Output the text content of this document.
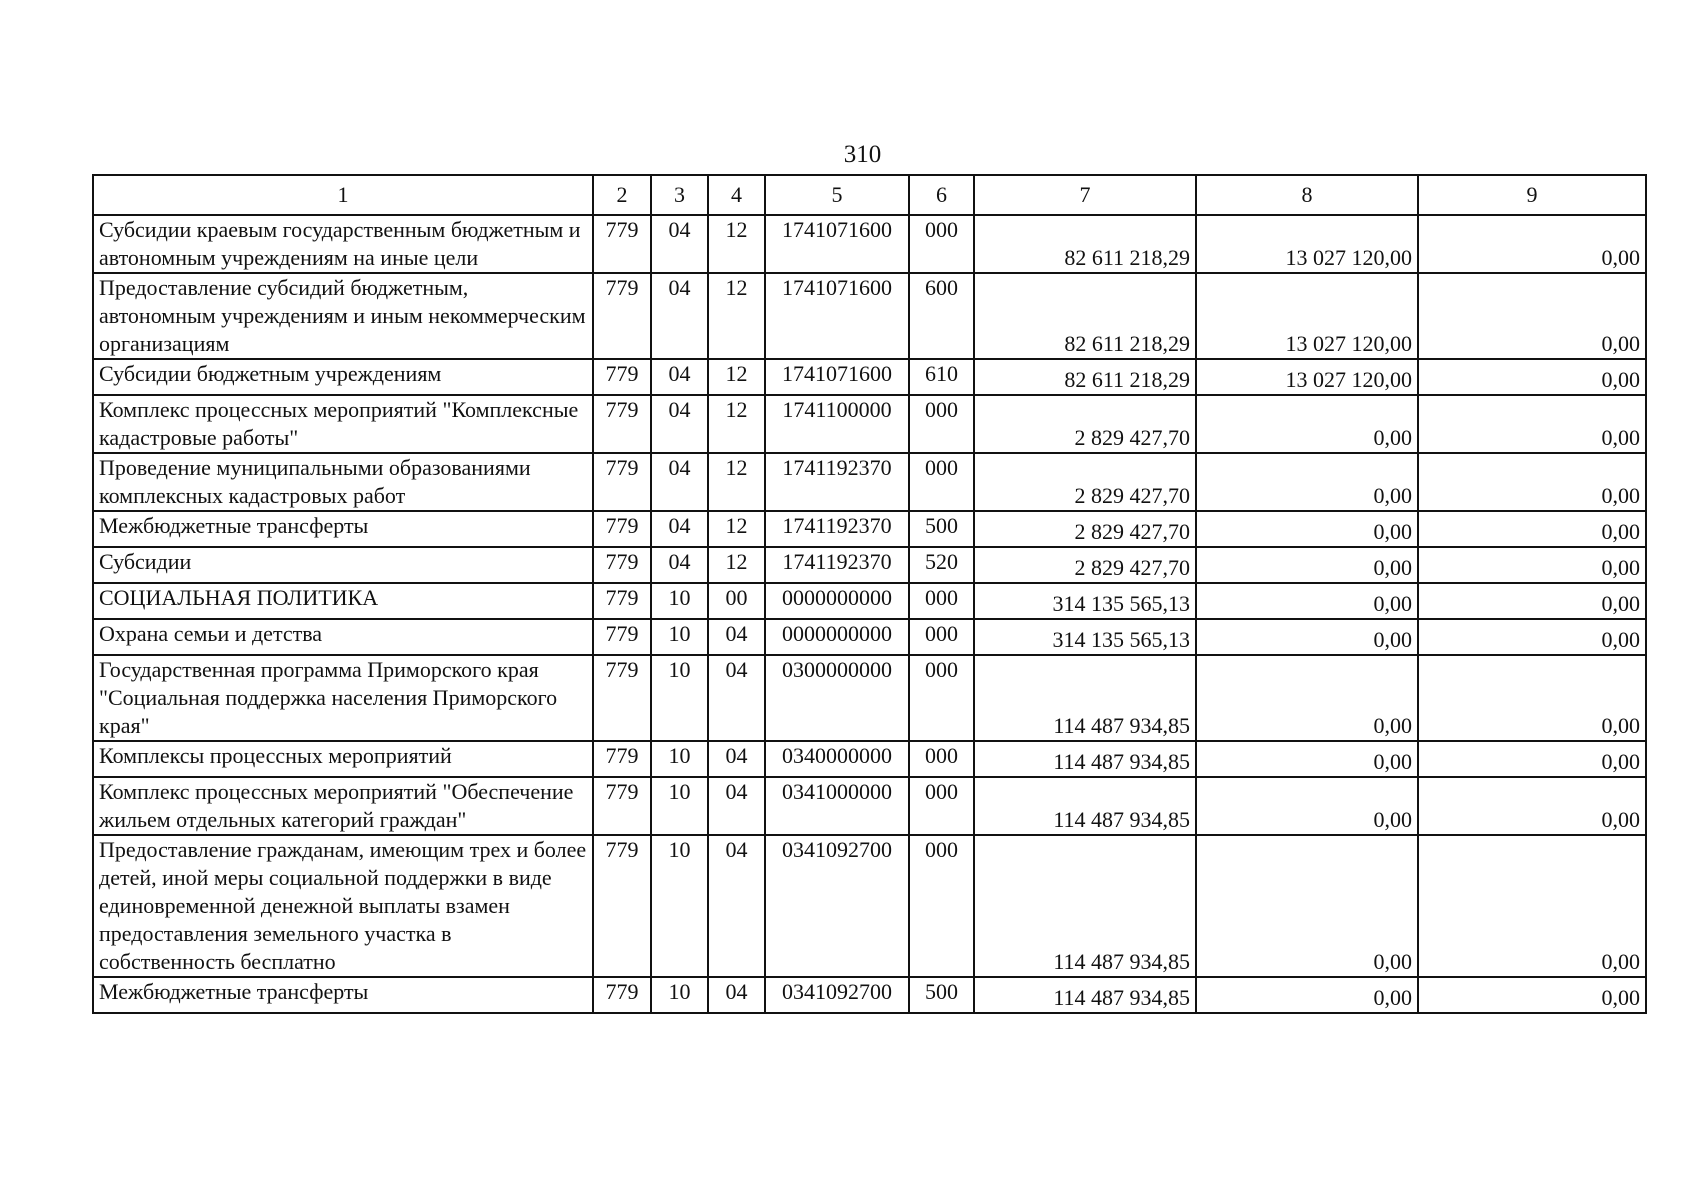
310
1	2	3	4	5	6	7	8	9
Субсидии краевым государственным бюджетным и автономным учреждениям на иные цели	779	04	12	1741071600	000	82 611 218,29	13 027 120,00	0,00
Предоставление субсидий бюджетным, автономным учреждениям и иным некоммерческим организациям	779	04	12	1741071600	600	82 611 218,29	13 027 120,00	0,00
Субсидии бюджетным учреждениям	779	04	12	1741071600	610	82 611 218,29	13 027 120,00	0,00
Комплекс процессных мероприятий "Комплексные кадастровые работы"	779	04	12	1741100000	000	2 829 427,70	0,00	0,00
Проведение муниципальными образованиями комплексных кадастровых работ	779	04	12	1741192370	000	2 829 427,70	0,00	0,00
Межбюджетные трансферты	779	04	12	1741192370	500	2 829 427,70	0,00	0,00
Субсидии	779	04	12	1741192370	520	2 829 427,70	0,00	0,00
СОЦИАЛЬНАЯ ПОЛИТИКА	779	10	00	0000000000	000	314 135 565,13	0,00	0,00
Охрана семьи и детства	779	10	04	0000000000	000	314 135 565,13	0,00	0,00
Государственная программа Приморского края "Социальная поддержка населения Приморского края"	779	10	04	0300000000	000	114 487 934,85	0,00	0,00
Комплексы процессных мероприятий	779	10	04	0340000000	000	114 487 934,85	0,00	0,00
Комплекс процессных мероприятий "Обеспечение жильем отдельных категорий граждан"	779	10	04	0341000000	000	114 487 934,85	0,00	0,00
Предоставление гражданам, имеющим трех и более детей, иной меры социальной поддержки в виде единовременной денежной выплаты взамен предоставления земельного участка в собственность бесплатно	779	10	04	0341092700	000	114 487 934,85	0,00	0,00
Межбюджетные трансферты	779	10	04	0341092700	500	114 487 934,85	0,00	0,00
